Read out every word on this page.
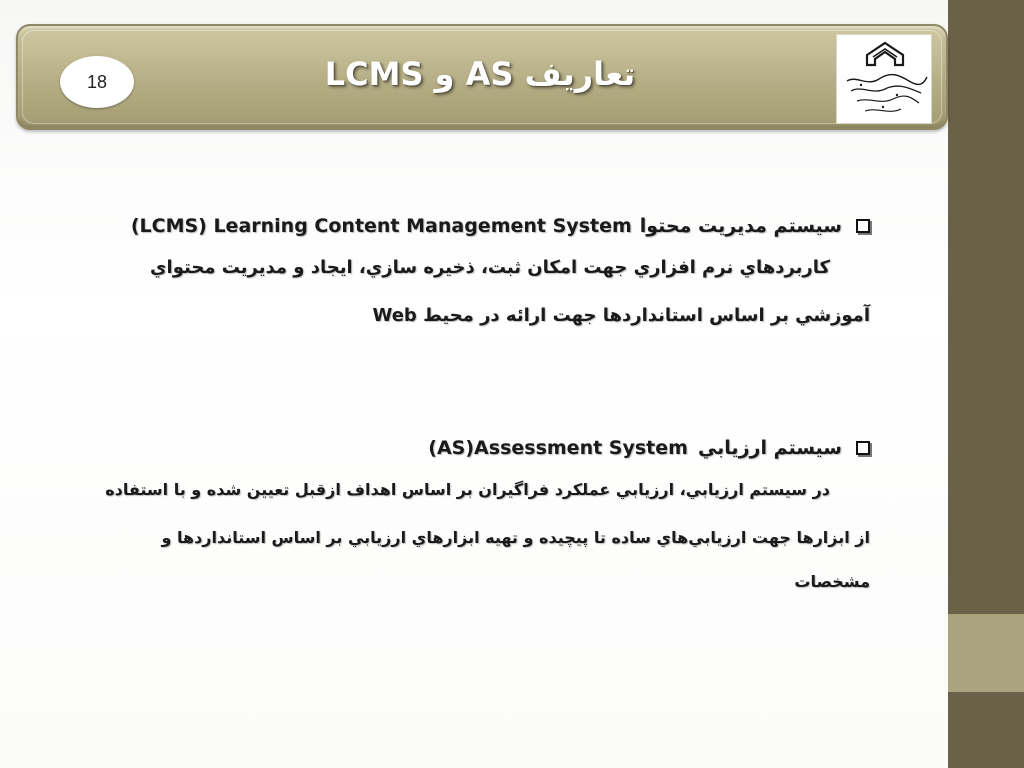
18	تعاريف AS و LCMS
سيستم مديريت محتوا
(LCMS) Learning Content Management System
كاربردهاي نرم افزاري جهت امكان ثبت، ذخيره سازي، ايجاد و مديريت محتواي
آموزشي بر اساس استانداردها جهت ارائه در محيط Web
سيستم ارزيابي
(AS)Assessment System
در سيستم ارزيابي، ارزيابي عملكرد فراگيران بر اساس اهداف ازقبل تعيين شده و با استفاده
از ابزارها جهت ارزيابي‌هاي ساده تا پيچيده و تهيه ابزارهاي ارزيابي بر اساس استانداردها و
مشخصات
